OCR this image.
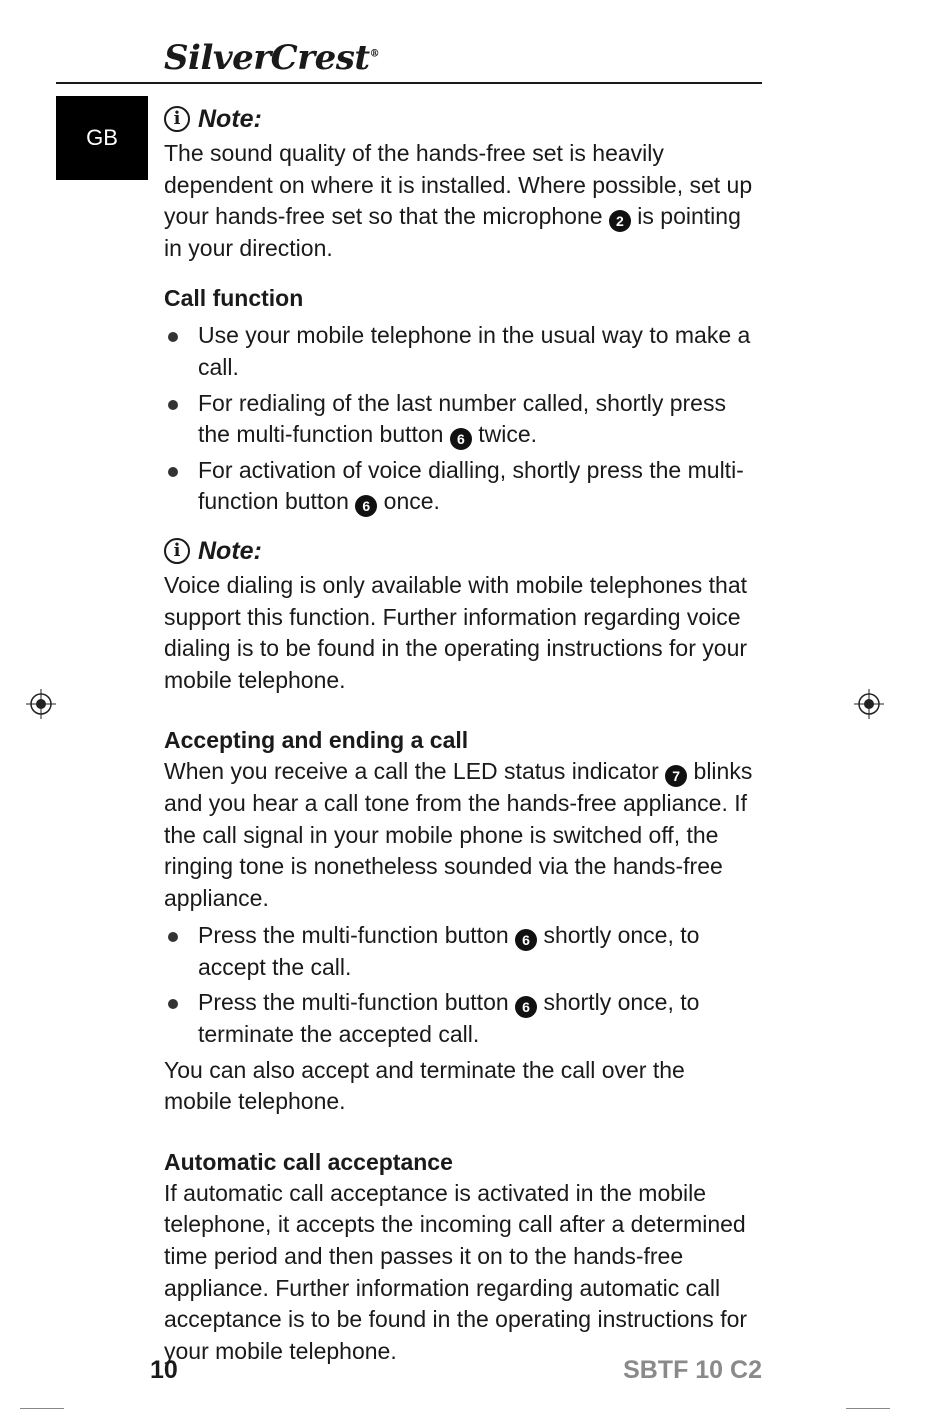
SilverCrest®
GB
i Note:

The sound quality of the hands-free set is heavily dependent on where it is installed. Where possible, set up your hands-free set so that the microphone 2 is pointing in your direction.

Call function
Use your mobile telephone in the usual way to make a call.
For redialing of the last number called, shortly press the multi-function button 6 twice.
For activation of voice dialling, shortly press the multi-function button 6 once.
i Note:

Voice dialing is only available with mobile telephones that support this function. Further information regarding voice dialing is to be found in the operating instructions for your mobile telephone.

Accepting and ending a call

When you receive a call the LED status indicator 7 blinks and you hear a call tone from the hands-free appliance. If the call signal in your mobile phone is switched off, the ringing tone is nonetheless sounded via the hands-free appliance.

Press the multi-function button 6 shortly once, to accept the call.
Press the multi-function button 6 shortly once, to terminate the accepted call.

You can also accept and terminate the call over the mobile telephone.

Automatic call acceptance

If automatic call acceptance is activated in the mobile telephone, it accepts the incoming call after a determined time period and then passes it on to the hands-free appliance. Further information regarding automatic call acceptance is to be found in the operating instructions for your mobile telephone.

10	SBTF 10 C2
